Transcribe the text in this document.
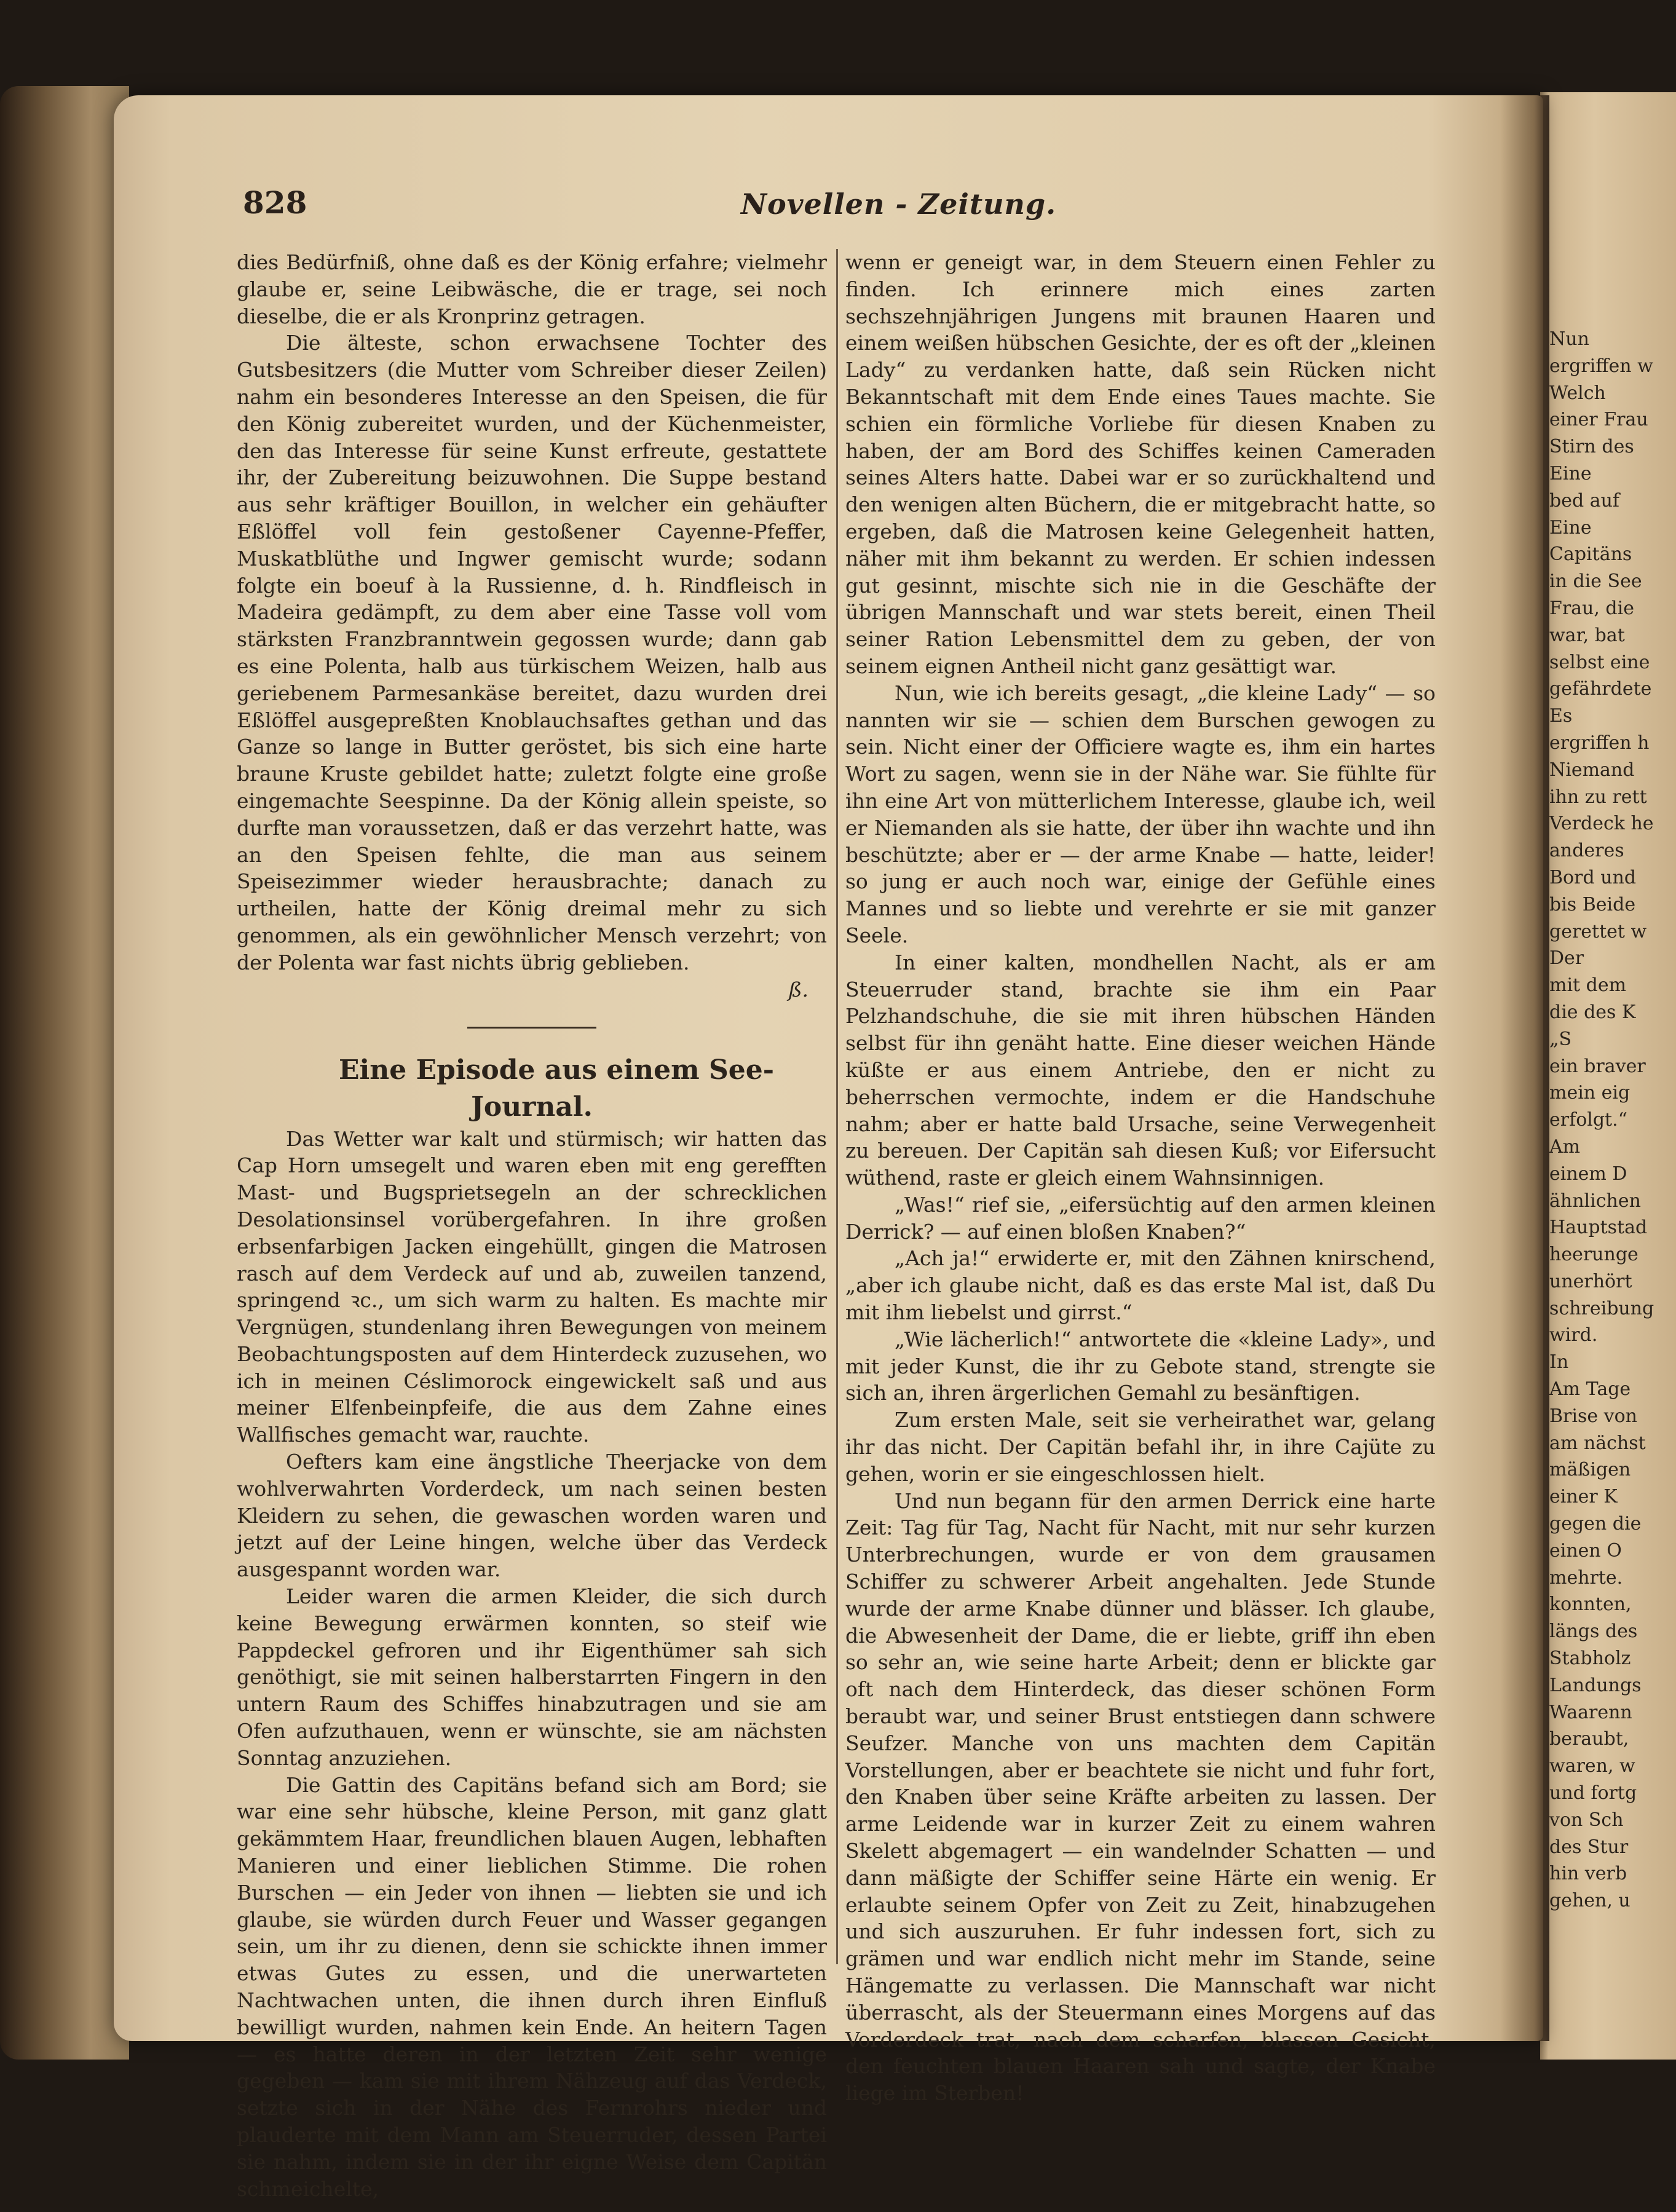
Nun
ergriffen w
Welch
einer Frau
Stirn des
Eine
bed auf
Eine
Capitäns
in die See
Frau, die
war, bat
selbst eine
gefährdete
Es
ergriffen h
Niemand
ihn zu rett
Verdeck he
anderes
Bord und
bis Beide
gerettet w
Der
mit dem
die des K
„S
ein braver
mein eig
erfolgt.“
Am
einem D
ähnlichen
Hauptstad
heerunge
unerhört
schreibung
wird.
In
Am Tage
Brise von
am nächst
mäßigen
einer K
gegen die
einen O
mehrte.
konnten,
längs des
Stabholz
Landungs
Waarenn
beraubt,
waren, w
und fortg
von Sch
des Stur
hin verb
gehen, u
828	Novellen - Zeitung.

dies Bedürfniß, ohne daß es der König erfahre; vielmehr glaube er, seine Leibwäsche, die er trage, sei noch dieselbe, die er als Kronprinz getragen.

Die älteste, schon erwachsene Tochter des Gutsbesitzers (die Mutter vom Schreiber dieser Zeilen) nahm ein besonderes Interesse an den Speisen, die für den König zubereitet wurden, und der Küchenmeister, den das Interesse für seine Kunst erfreute, gestattete ihr, der Zubereitung beizuwohnen. Die Suppe bestand aus sehr kräftiger Bouillon, in welcher ein gehäufter Eßlöffel voll fein gestoßener Cayenne-Pfeffer, Muskatblüthe und Ingwer gemischt wurde; sodann folgte ein boeuf à la Russienne, d. h. Rindfleisch in Madeira gedämpft, zu dem aber eine Tasse voll vom stärksten Franzbranntwein gegossen wurde; dann gab es eine Polenta, halb aus türkischem Weizen, halb aus geriebenem Parmesankäse bereitet, dazu wurden drei Eßlöffel ausgepreßten Knoblauchsaftes gethan und das Ganze so lange in Butter geröstet, bis sich eine harte braune Kruste gebildet hatte; zuletzt folgte eine große eingemachte Seespinne. Da der König allein speiste, so durfte man voraussetzen, daß er das verzehrt hatte, was an den Speisen fehlte, die man aus seinem Speisezimmer wieder herausbrachte; danach zu urtheilen, hatte der König dreimal mehr zu sich genommen, als ein gewöhnlicher Mensch verzehrt; von der Polenta war fast nichts übrig geblieben.

ß.

Eine Episode aus einem See-Journal.

Das Wetter war kalt und stürmisch; wir hatten das Cap Horn umsegelt und waren eben mit eng gerefften Mast- und Bugsprietsegeln an der schrecklichen Desolationsinsel vorübergefahren. In ihre großen erbsenfarbigen Jacken eingehüllt, gingen die Matrosen rasch auf dem Verdeck auf und ab, zuweilen tanzend, springend ꝛc., um sich warm zu halten. Es machte mir Vergnügen, stundenlang ihren Bewegungen von meinem Beobachtungsposten auf dem Hinterdeck zuzusehen, wo ich in meinen Céslimorock eingewickelt saß und aus meiner Elfenbeinpfeife, die aus dem Zahne eines Wallfisches gemacht war, rauchte.

Oefters kam eine ängstliche Theerjacke von dem wohlverwahrten Vorderdeck, um nach seinen besten Kleidern zu sehen, die gewaschen worden waren und jetzt auf der Leine hingen, welche über das Verdeck ausgespannt worden war.

Leider waren die armen Kleider, die sich durch keine Bewegung erwärmen konnten, so steif wie Pappdeckel gefroren und ihr Eigenthümer sah sich genöthigt, sie mit seinen halberstarrten Fingern in den untern Raum des Schiffes hinabzutragen und sie am Ofen aufzuthauen, wenn er wünschte, sie am nächsten Sonntag anzuziehen.

Die Gattin des Capitäns befand sich am Bord; sie war eine sehr hübsche, kleine Person, mit ganz glatt gekämmtem Haar, freundlichen blauen Augen, lebhaften Manieren und einer lieblichen Stimme. Die rohen Burschen — ein Jeder von ihnen — liebten sie und ich glaube, sie würden durch Feuer und Wasser gegangen sein, um ihr zu dienen, denn sie schickte ihnen immer etwas Gutes zu essen, und die unerwarteten Nachtwachen unten, die ihnen durch ihren Einfluß bewilligt wurden, nahmen kein Ende. An heitern Tagen — es hatte deren in der letzten Zeit sehr wenige gegeben — kam sie mit ihrem Nähzeug auf das Verdeck, setzte sich in der Nähe des Fernrohrs nieder und plauderte mit dem Mann am Steuerruder, dessen Partei sie nahm, indem sie in der ihr eigne Weise dem Capitän schmeichelte,

wenn er geneigt war, in dem Steuern einen Fehler zu finden. Ich erinnere mich eines zarten sechszehnjährigen Jungens mit braunen Haaren und einem weißen hübschen Gesichte, der es oft der „kleinen Lady“ zu verdanken hatte, daß sein Rücken nicht Bekanntschaft mit dem Ende eines Taues machte. Sie schien ein förmliche Vorliebe für diesen Knaben zu haben, der am Bord des Schiffes keinen Cameraden seines Alters hatte. Dabei war er so zurückhaltend und den wenigen alten Büchern, die er mitgebracht hatte, so ergeben, daß die Matrosen keine Gelegenheit hatten, näher mit ihm bekannt zu werden. Er schien indessen gut gesinnt, mischte sich nie in die Geschäfte der übrigen Mannschaft und war stets bereit, einen Theil seiner Ration Lebensmittel dem zu geben, der von seinem eignen Antheil nicht ganz gesättigt war.

Nun, wie ich bereits gesagt, „die kleine Lady“ — so nannten wir sie — schien dem Burschen gewogen zu sein. Nicht einer der Officiere wagte es, ihm ein hartes Wort zu sagen, wenn sie in der Nähe war. Sie fühlte für ihn eine Art von mütterlichem Interesse, glaube ich, weil er Niemanden als sie hatte, der über ihn wachte und ihn beschützte; aber er — der arme Knabe — hatte, leider! so jung er auch noch war, einige der Gefühle eines Mannes und so liebte und verehrte er sie mit ganzer Seele.

In einer kalten, mondhellen Nacht, als er am Steuerruder stand, brachte sie ihm ein Paar Pelzhandschuhe, die sie mit ihren hübschen Händen selbst für ihn genäht hatte. Eine dieser weichen Hände küßte er aus einem Antriebe, den er nicht zu beherrschen vermochte, indem er die Handschuhe nahm; aber er hatte bald Ursache, seine Verwegenheit zu bereuen. Der Capitän sah diesen Kuß; vor Eifersucht wüthend, raste er gleich einem Wahnsinnigen.

„Was!“ rief sie, „eifersüchtig auf den armen kleinen Derrick? — auf einen bloßen Knaben?“

„Ach ja!“ erwiderte er, mit den Zähnen knirschend, „aber ich glaube nicht, daß es das erste Mal ist, daß Du mit ihm liebelst und girrst.“

„Wie lächerlich!“ antwortete die «kleine Lady», und mit jeder Kunst, die ihr zu Gebote stand, strengte sie sich an, ihren ärgerlichen Gemahl zu besänftigen.

Zum ersten Male, seit sie verheirathet war, gelang ihr das nicht. Der Capitän befahl ihr, in ihre Cajüte zu gehen, worin er sie eingeschlossen hielt.

Und nun begann für den armen Derrick eine harte Zeit: Tag für Tag, Nacht für Nacht, mit nur sehr kurzen Unterbrechungen, wurde er von dem grausamen Schiffer zu schwerer Arbeit angehalten. Jede Stunde wurde der arme Knabe dünner und blässer. Ich glaube, die Abwesenheit der Dame, die er liebte, griff ihn eben so sehr an, wie seine harte Arbeit; denn er blickte gar oft nach dem Hinterdeck, das dieser schönen Form beraubt war, und seiner Brust entstiegen dann schwere Seufzer. Manche von uns machten dem Capitän Vorstellungen, aber er beachtete sie nicht und fuhr fort, den Knaben über seine Kräfte arbeiten zu lassen. Der arme Leidende war in kurzer Zeit zu einem wahren Skelett abgemagert — ein wandelnder Schatten — und dann mäßigte der Schiffer seine Härte ein wenig. Er erlaubte seinem Opfer von Zeit zu Zeit, hinabzugehen und sich auszuruhen. Er fuhr indessen fort, sich zu grämen und war endlich nicht mehr im Stande, seine Hängematte zu verlassen. Die Mannschaft war nicht überrascht, als der Steuermann eines Morgens auf das Vorderdeck trat, nach dem scharfen, blassen Gesicht, den feuchten blauen Haaren sah und sagte, der Knabe liege im Sterben!
